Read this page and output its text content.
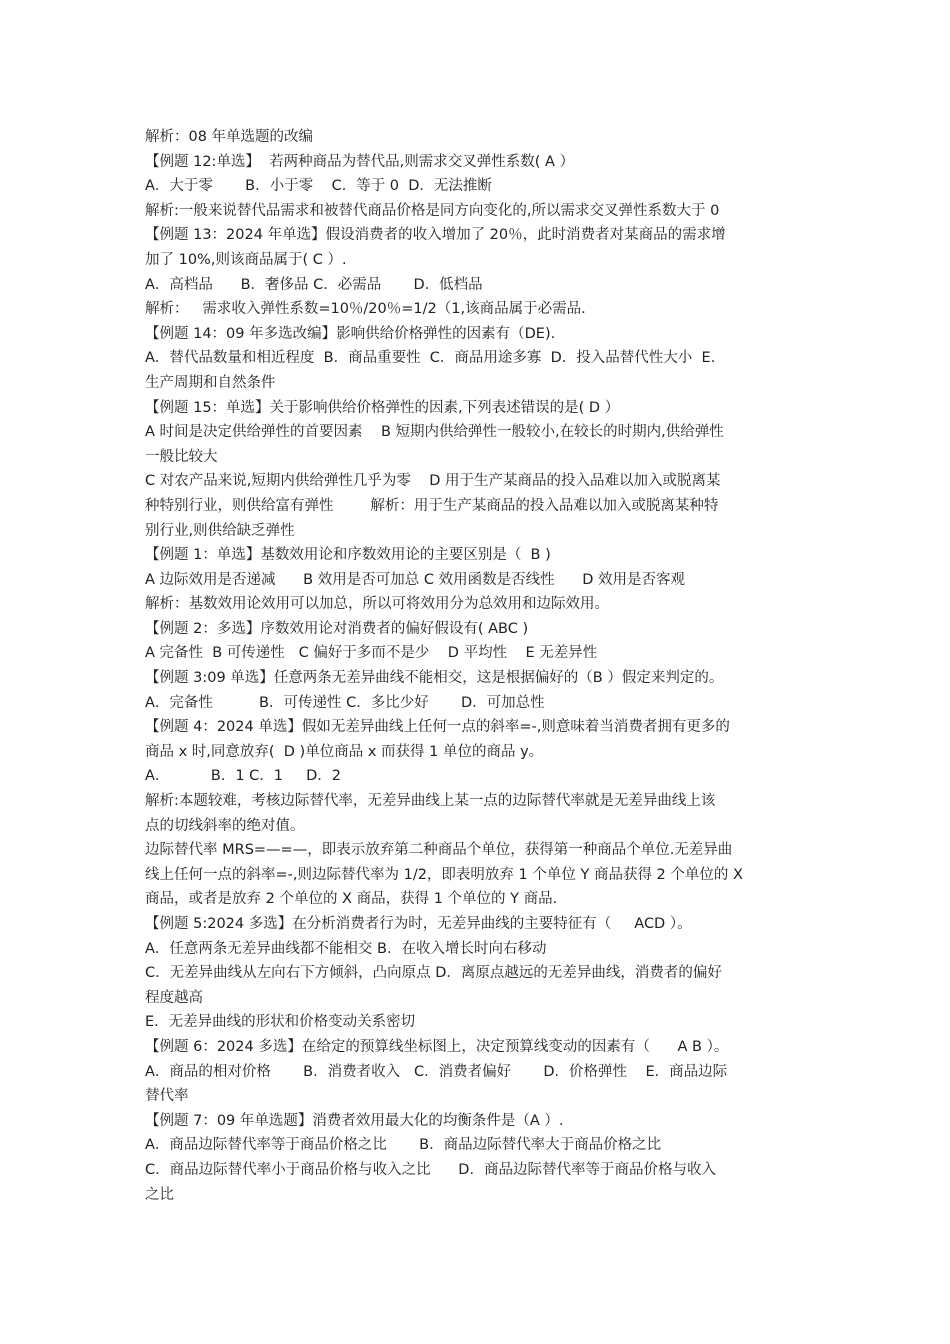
解析：08 年单选题的改编
【例题 12:单选】  若两种商品为替代品,则需求交叉弹性系数( A ）
A．大于零       B．小于零    C．等于 0  D．无法推断
解析:一般来说替代品需求和被替代商品价格是同方向变化的,所以需求交叉弹性系数大于 0
【例题 13：2024 年单选】假设消费者的收入增加了 20％，此时消费者对某商品的需求增
加了 10%,则该商品属于( C ）.
A．高档品      B．奢侈品 C．必需品       D．低档品
解析：   需求收入弹性系数=10％/20％=1/2（1,该商品属于必需品.
【例题 14：09 年多选改编】影响供给价格弹性的因素有（DE).
A．替代品数量和相近程度  B．商品重要性  C．商品用途多寡  D．投入品替代性大小  E．
生产周期和自然条件
【例题 15：单选】关于影响供给价格弹性的因素,下列表述错误的是( D ）
A 时间是决定供给弹性的首要因素    B 短期内供给弹性一般较小,在较长的时期内,供给弹性
一般比较大
C 对农产品来说,短期内供给弹性几乎为零    D 用于生产某商品的投入品难以加入或脱离某
种特别行业，则供给富有弹性        解析：用于生产某商品的投入品难以加入或脱离某种特
别行业,则供给缺乏弹性
【例题 1：单选】基数效用论和序数效用论的主要区别是（  B )
A 边际效用是否递减      B 效用是否可加总 C 效用函数是否线性      D 效用是否客观
解析：基数效用论效用可以加总，所以可将效用分为总效用和边际效用。
【例题 2：多选】序数效用论对消费者的偏好假设有( ABC )
A 完备性  B 可传递性   C 偏好于多而不是少    D 平均性    E 无差异性
【例题 3:09 单选】任意两条无差异曲线不能相交，这是根据偏好的（B ）假定来判定的。
A．完备性          B．可传递性 C．多比少好       D．可加总性
【例题 4：2024 单选】假如无差异曲线上任何一点的斜率=-,则意味着当消费者拥有更多的
商品 x 时,同意放弃(  D )单位商品 x 而获得 1 单位的商品 y。
A．         B．1 C．1     D．2
解析:本题较难，考核边际替代率，无差异曲线上某一点的边际替代率就是无差异曲线上该
点的切线斜率的绝对值。
边际替代率 MRS=—=—，即表示放弃第二种商品个单位，获得第一种商品个单位.无差异曲
线上任何一点的斜率=-,则边际替代率为 1/2，即表明放弃 1 个单位 Y 商品获得 2 个单位的 X
商品，或者是放弃 2 个单位的 X 商品，获得 1 个单位的 Y 商品.
【例题 5:2024 多选】在分析消费者行为时，无差异曲线的主要特征有（     ACD ）。
A．任意两条无差异曲线都不能相交 B．在收入增长时向右移动
C．无差异曲线从左向右下方倾斜，凸向原点 D．离原点越远的无差异曲线，消费者的偏好
程度越高
E．无差异曲线的形状和价格变动关系密切
【例题 6：2024 多选】在给定的预算线坐标图上，决定预算线变动的因素有（      A B ）。
A．商品的相对价格       B．消费者收入   C．消费者偏好       D．价格弹性    E．商品边际
替代率
【例题 7：09 年单选题】消费者效用最大化的均衡条件是（A ）.
A．商品边际替代率等于商品价格之比       B．商品边际替代率大于商品价格之比
C．商品边际替代率小于商品价格与收入之比      D．商品边际替代率等于商品价格与收入
之比
